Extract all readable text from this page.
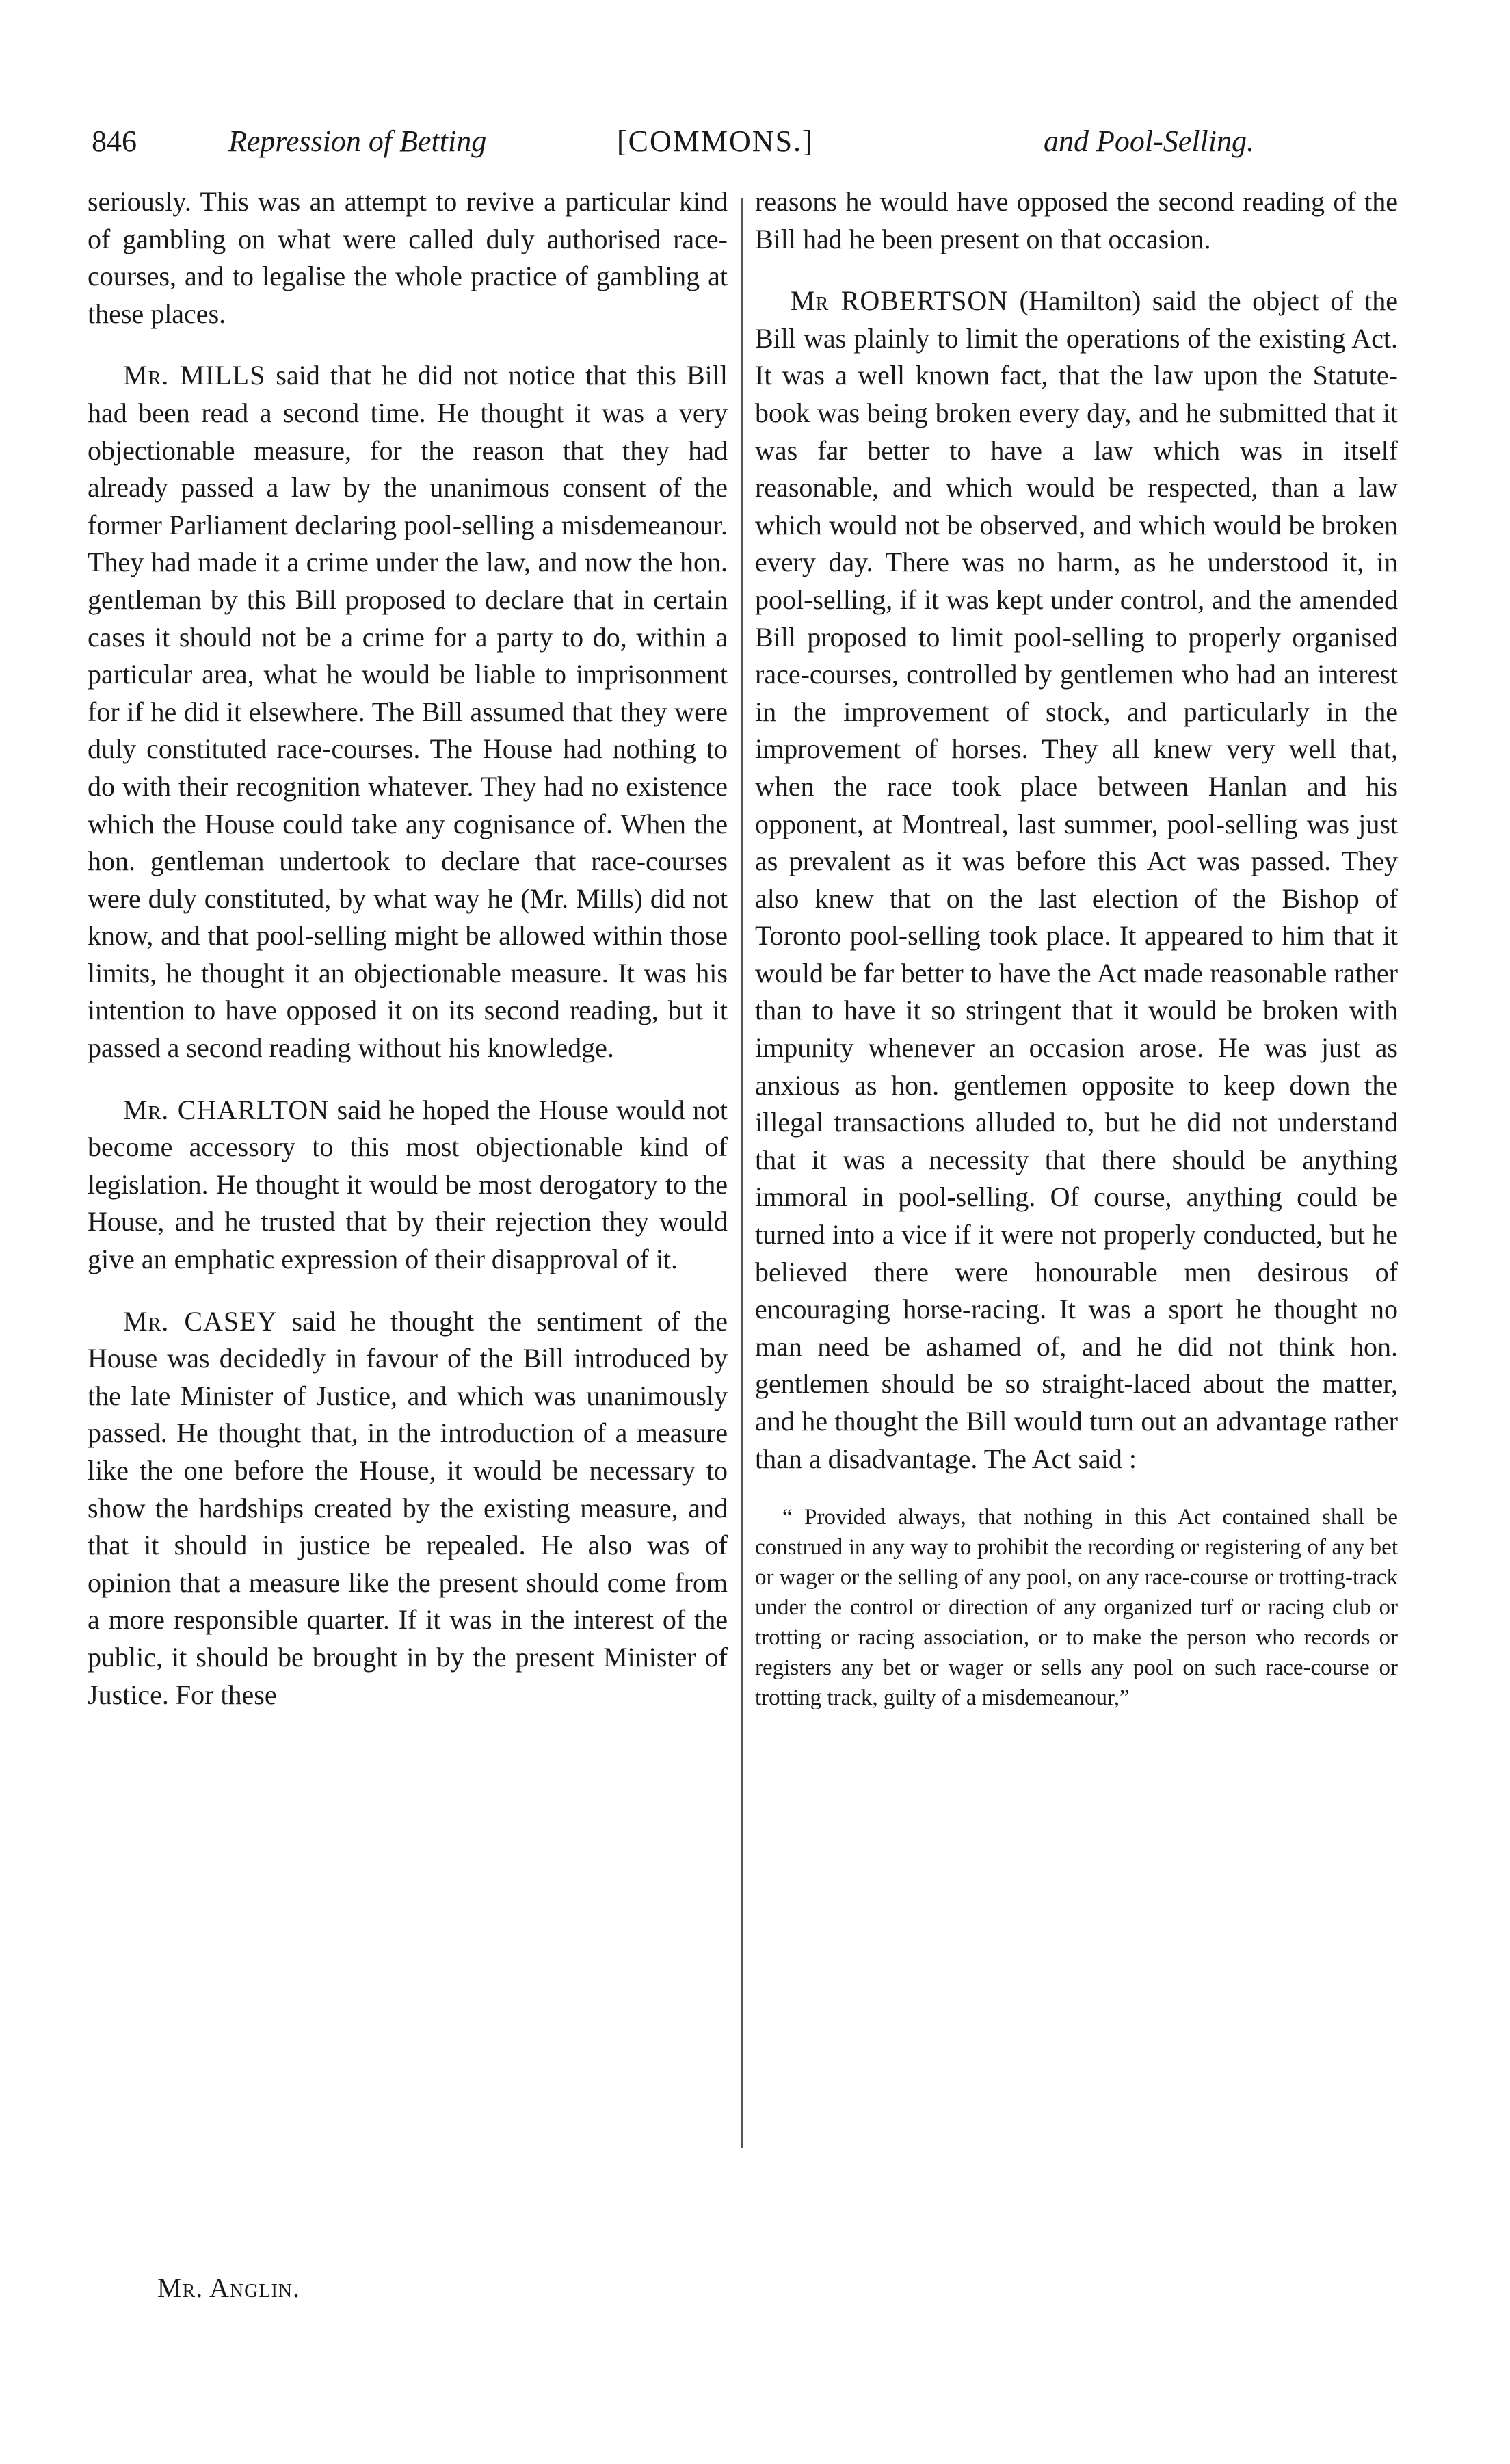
846	Repression of Betting	[COMMONS.]	and Pool-Selling.

seriously. This was an attempt to revive a particular kind of gambling on what were called duly authorised race-courses, and to legalise the whole practice of gambling at these places.

Mr. MILLS said that he did not notice that this Bill had been read a second time. He thought it was a very objectionable measure, for the reason that they had already passed a law by the unanimous consent of the former Parliament declaring pool-selling a misdemeanour. They had made it a crime under the law, and now the hon. gentleman by this Bill proposed to declare that in certain cases it should not be a crime for a party to do, within a particular area, what he would be liable to imprisonment for if he did it elsewhere. The Bill assumed that they were duly constituted race-courses. The House had nothing to do with their recognition whatever. They had no existence which the House could take any cognisance of. When the hon. gentleman undertook to declare that race-courses were duly constituted, by what way he (Mr. Mills) did not know, and that pool-selling might be allowed within those limits, he thought it an objectionable measure. It was his intention to have opposed it on its second reading, but it passed a second reading without his knowledge.

Mr. CHARLTON said he hoped the House would not become accessory to this most objectionable kind of legislation. He thought it would be most derogatory to the House, and he trusted that by their rejection they would give an emphatic expression of their disapproval of it.

Mr. CASEY said he thought the sentiment of the House was decidedly in favour of the Bill introduced by the late Minister of Justice, and which was unanimously passed. He thought that, in the introduction of a measure like the one before the House, it would be necessary to show the hardships created by the existing measure, and that it should in justice be repealed. He also was of opinion that a measure like the present should come from a more responsible quarter. If it was in the interest of the public, it should be brought in by the present Minister of Justice. For these

reasons he would have opposed the second reading of the Bill had he been present on that occasion.

Mr ROBERTSON (Hamilton) said the object of the Bill was plainly to limit the operations of the existing Act. It was a well known fact, that the law upon the Statute-book was being broken every day, and he submitted that it was far better to have a law which was in itself reasonable, and which would be respected, than a law which would not be observed, and which would be broken every day. There was no harm, as he understood it, in pool-selling, if it was kept under control, and the amended Bill proposed to limit pool-selling to properly organised race-courses, controlled by gentlemen who had an interest in the improvement of stock, and particularly in the improvement of horses. They all knew very well that, when the race took place between Hanlan and his opponent, at Montreal, last summer, pool-selling was just as prevalent as it was before this Act was passed. They also knew that on the last election of the Bishop of Toronto pool-selling took place. It appeared to him that it would be far better to have the Act made reasonable rather than to have it so stringent that it would be broken with impunity whenever an occasion arose. He was just as anxious as hon. gentlemen opposite to keep down the illegal transactions alluded to, but he did not understand that it was a necessity that there should be anything immoral in pool-selling. Of course, anything could be turned into a vice if it were not properly conducted, but he believed there were honourable men desirous of encouraging horse-racing. It was a sport he thought no man need be ashamed of, and he did not think hon. gentlemen should be so straight-laced about the matter, and he thought the Bill would turn out an advantage rather than a disadvantage. The Act said :

“ Provided always, that nothing in this Act contained shall be construed in any way to prohibit the recording or registering of any bet or wager or the selling of any pool, on any race-course or trotting-track under the control or direction of any organized turf or racing club or trotting or racing association, or to make the person who records or registers any bet or wager or sells any pool on such race-course or trotting track, guilty of a misdemeanour,”

Mr. Anglin.
